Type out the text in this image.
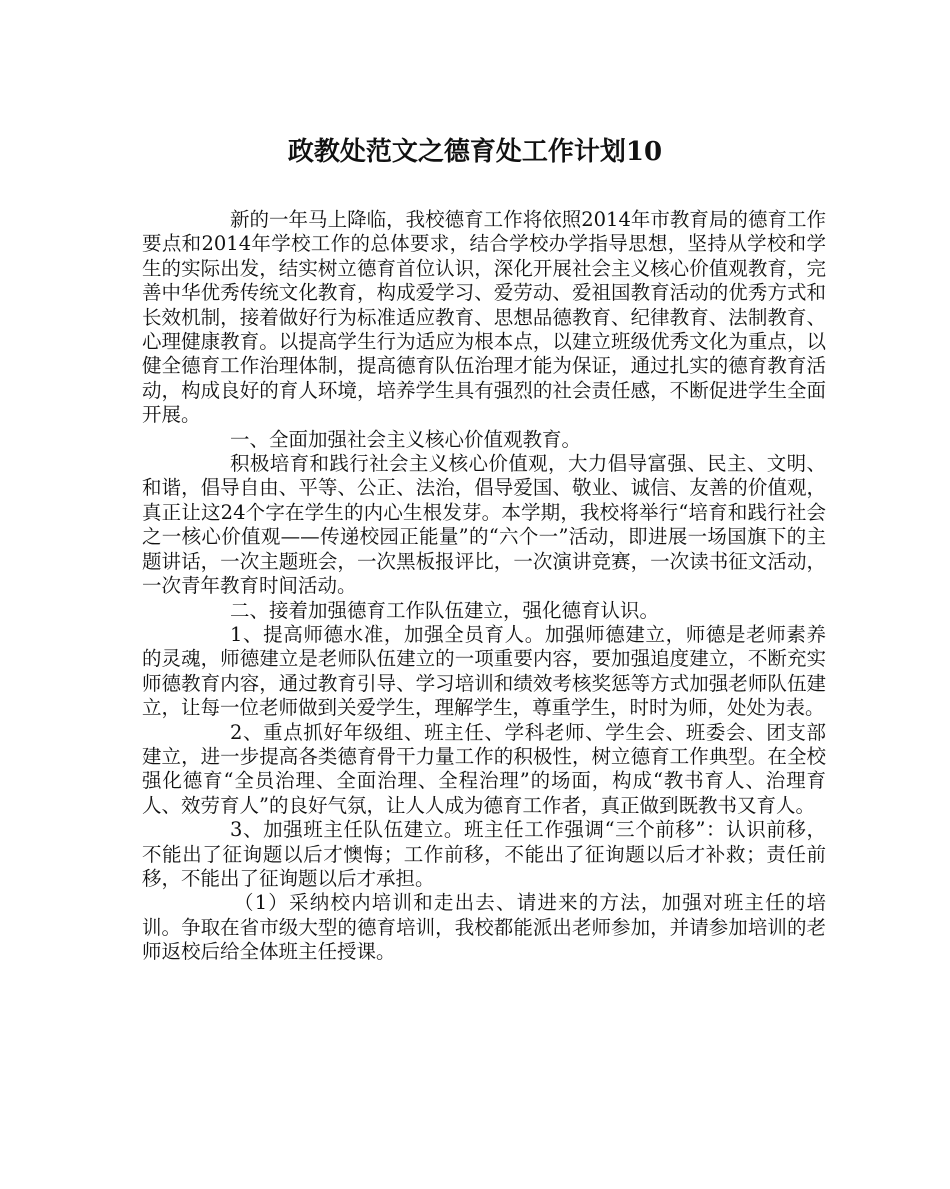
政教处范文之德育处工作计划10

新的一年马上降临，我校德育工作将依照2014年市教育局的德育工作要点和2014年学校工作的总体要求，结合学校办学指导思想，坚持从学校和学生的实际出发，结实树立德育首位认识，深化开展社会主义核心价值观教育，完善中华优秀传统文化教育，构成爱学习、爱劳动、爱祖国教育活动的优秀方式和长效机制，接着做好行为标准适应教育、思想品德教育、纪律教育、法制教育、心理健康教育。以提高学生行为适应为根本点，以建立班级优秀文化为重点，以健全德育工作治理体制，提高德育队伍治理才能为保证，通过扎实的德育教育活动，构成良好的育人环境，培养学生具有强烈的社会责任感，不断促进学生全面开展。

一、全面加强社会主义核心价值观教育。

积极培育和践行社会主义核心价值观，大力倡导富强、民主、文明、和谐，倡导自由、平等、公正、法治，倡导爱国、敬业、诚信、友善的价值观，真正让这24个字在学生的内心生根发芽。本学期，我校将举行“培育和践行社会之一核心价值观——传递校园正能量”的“六个一”活动，即进展一场国旗下的主题讲话，一次主题班会，一次黑板报评比，一次演讲竞赛，一次读书征文活动，一次青年教育时间活动。

二、接着加强德育工作队伍建立，强化德育认识。

1、提高师德水准，加强全员育人。加强师德建立，师德是老师素养的灵魂，师德建立是老师队伍建立的一项重要内容，要加强追度建立，不断充实师德教育内容，通过教育引导、学习培训和绩效考核奖惩等方式加强老师队伍建立，让每一位老师做到关爱学生，理解学生，尊重学生，时时为师，处处为表。

2、重点抓好年级组、班主任、学科老师、学生会、班委会、团支部建立，进一步提高各类德育骨干力量工作的积极性，树立德育工作典型。在全校强化德育“全员治理、全面治理、全程治理”的场面，构成“教书育人、治理育人、效劳育人”的良好气氛，让人人成为德育工作者，真正做到既教书又育人。

3、加强班主任队伍建立。班主任工作强调“三个前移”：认识前移，不能出了征询题以后才懊悔；工作前移，不能出了征询题以后才补救；责任前移，不能出了征询题以后才承担。

（1）采纳校内培训和走出去、请进来的方法，加强对班主任的培训。争取在省市级大型的德育培训，我校都能派出老师参加，并请参加培训的老师返校后给全体班主任授课。
